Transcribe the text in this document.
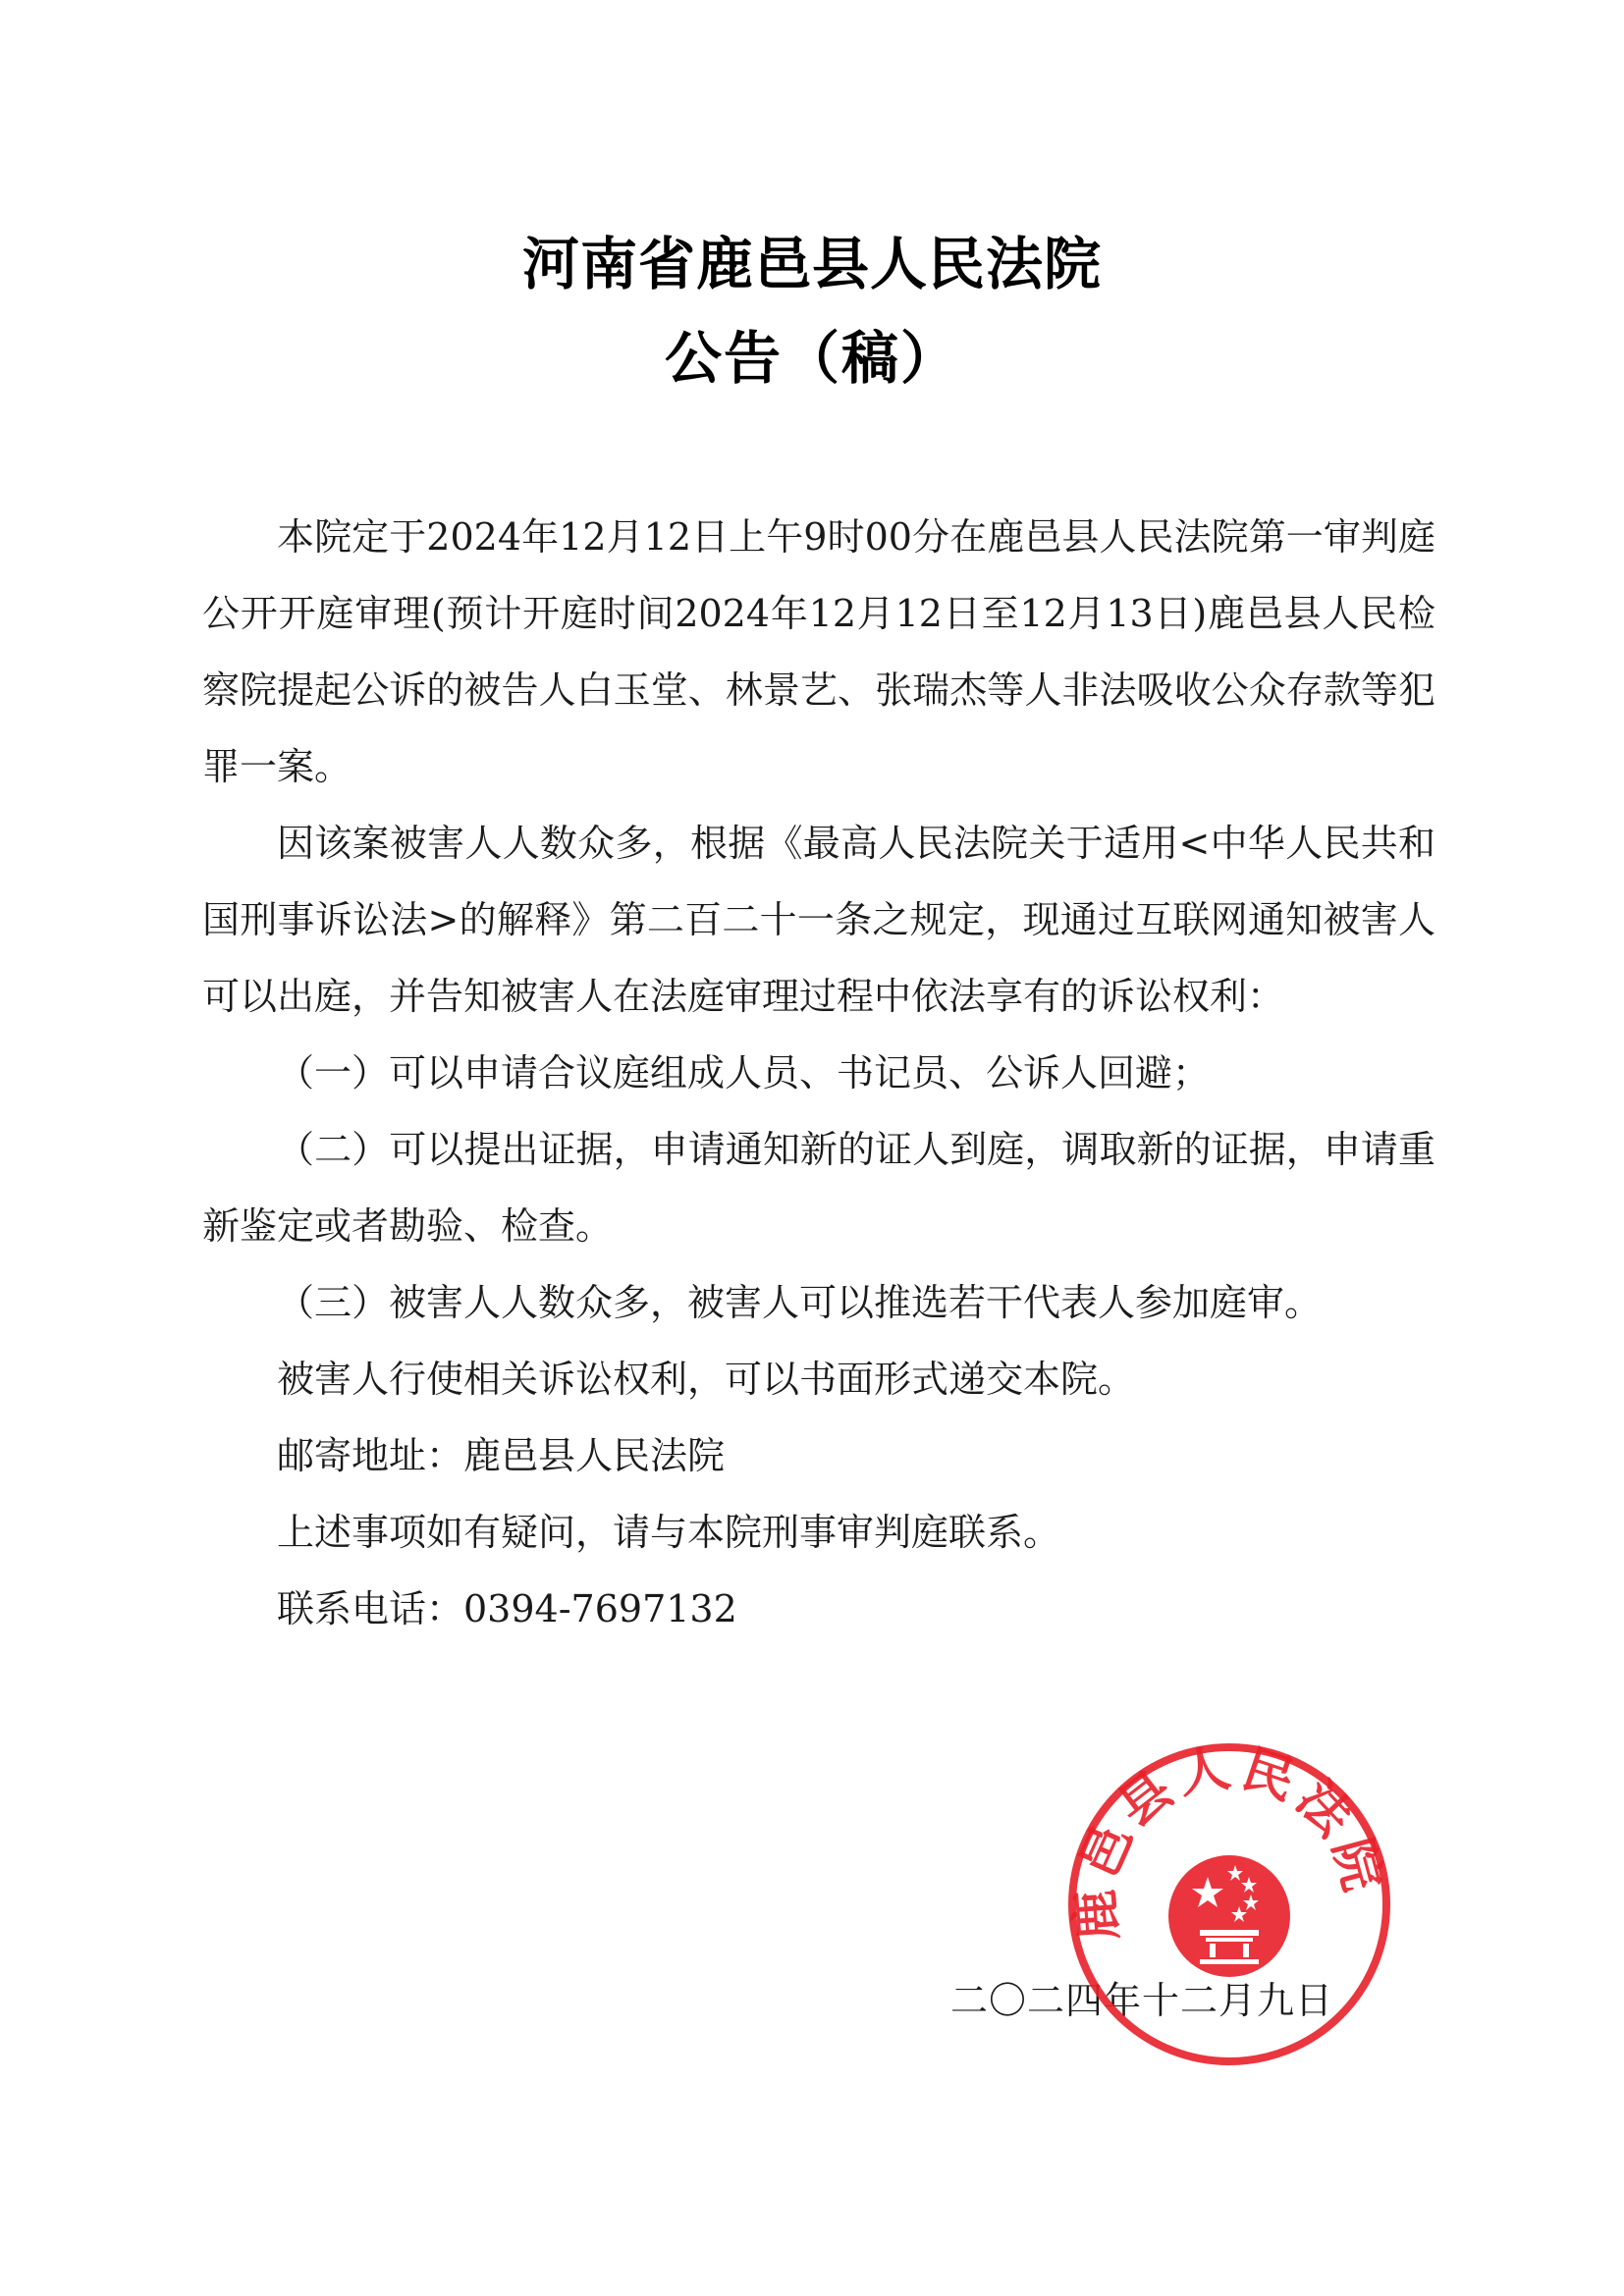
河南省鹿邑县人民法院
公告（稿）

本院定于2024年12月12日上午9时00分在鹿邑县人民法院第一审判庭公开开庭审理(预计开庭时间2024年12月12日至12月13日)鹿邑县人民检察院提起公诉的被告人白玉堂、林景艺、张瑞杰等人非法吸收公众存款等犯罪一案。

因该案被害人人数众多，根据《最高人民法院关于适用<中华人民共和国刑事诉讼法>的解释》第二百二十一条之规定，现通过互联网通知被害人可以出庭，并告知被害人在法庭审理过程中依法享有的诉讼权利：

（一）可以申请合议庭组成人员、书记员、公诉人回避；

（二）可以提出证据，申请通知新的证人到庭，调取新的证据，申请重新鉴定或者勘验、检查。

（三）被害人人数众多，被害人可以推选若干代表人参加庭审。

被害人行使相关诉讼权利，可以书面形式递交本院。

邮寄地址：鹿邑县人民法院

上述事项如有疑问，请与本院刑事审判庭联系。

联系电话：0394-7697132

二〇二四年十二月九日
鹿邑县人民法院
